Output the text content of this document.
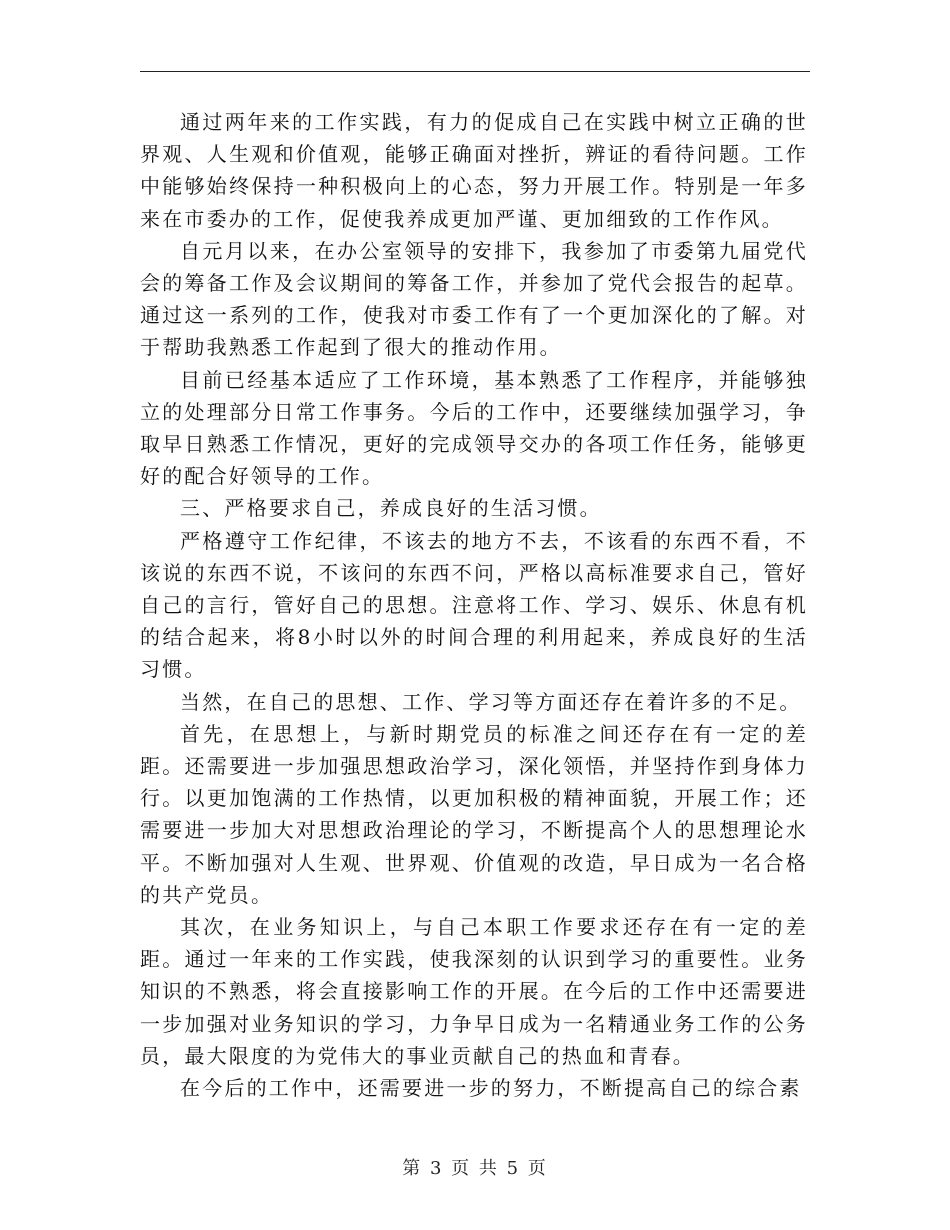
通过两年来的工作实践，有力的促成自己在实践中树立正确的世界观、人生观和价值观，能够正确面对挫折，辨证的看待问题。工作中能够始终保持一种积极向上的心态，努力开展工作。特别是一年多来在市委办的工作，促使我养成更加严谨、更加细致的工作作风。

自元月以来，在办公室领导的安排下，我参加了市委第九届党代会的筹备工作及会议期间的筹备工作，并参加了党代会报告的起草。通过这一系列的工作，使我对市委工作有了一个更加深化的了解。对于帮助我熟悉工作起到了很大的推动作用。

目前已经基本适应了工作环境，基本熟悉了工作程序，并能够独立的处理部分日常工作事务。今后的工作中，还要继续加强学习，争取早日熟悉工作情况，更好的完成领导交办的各项工作任务，能够更好的配合好领导的工作。

三、严格要求自己，养成良好的生活习惯。

严格遵守工作纪律，不该去的地方不去，不该看的东西不看，不该说的东西不说，不该问的东西不问，严格以高标准要求自己，管好自己的言行，管好自己的思想。注意将工作、学习、娱乐、休息有机的结合起来，将8小时以外的时间合理的利用起来，养成良好的生活习惯。

当然，在自己的思想、工作、学习等方面还存在着许多的不足。

首先，在思想上，与新时期党员的标准之间还存在有一定的差距。还需要进一步加强思想政治学习，深化领悟，并坚持作到身体力行。以更加饱满的工作热情，以更加积极的精神面貌，开展工作；还需要进一步加大对思想政治理论的学习，不断提高个人的思想理论水平。不断加强对人生观、世界观、价值观的改造，早日成为一名合格的共产党员。

其次，在业务知识上，与自己本职工作要求还存在有一定的差距。通过一年来的工作实践，使我深刻的认识到学习的重要性。业务知识的不熟悉，将会直接影响工作的开展。在今后的工作中还需要进一步加强对业务知识的学习，力争早日成为一名精通业务工作的公务员，最大限度的为党伟大的事业贡献自己的热血和青春。

在今后的工作中，还需要进一步的努力，不断提高自己的综合素

第 3 页 共 5 页
